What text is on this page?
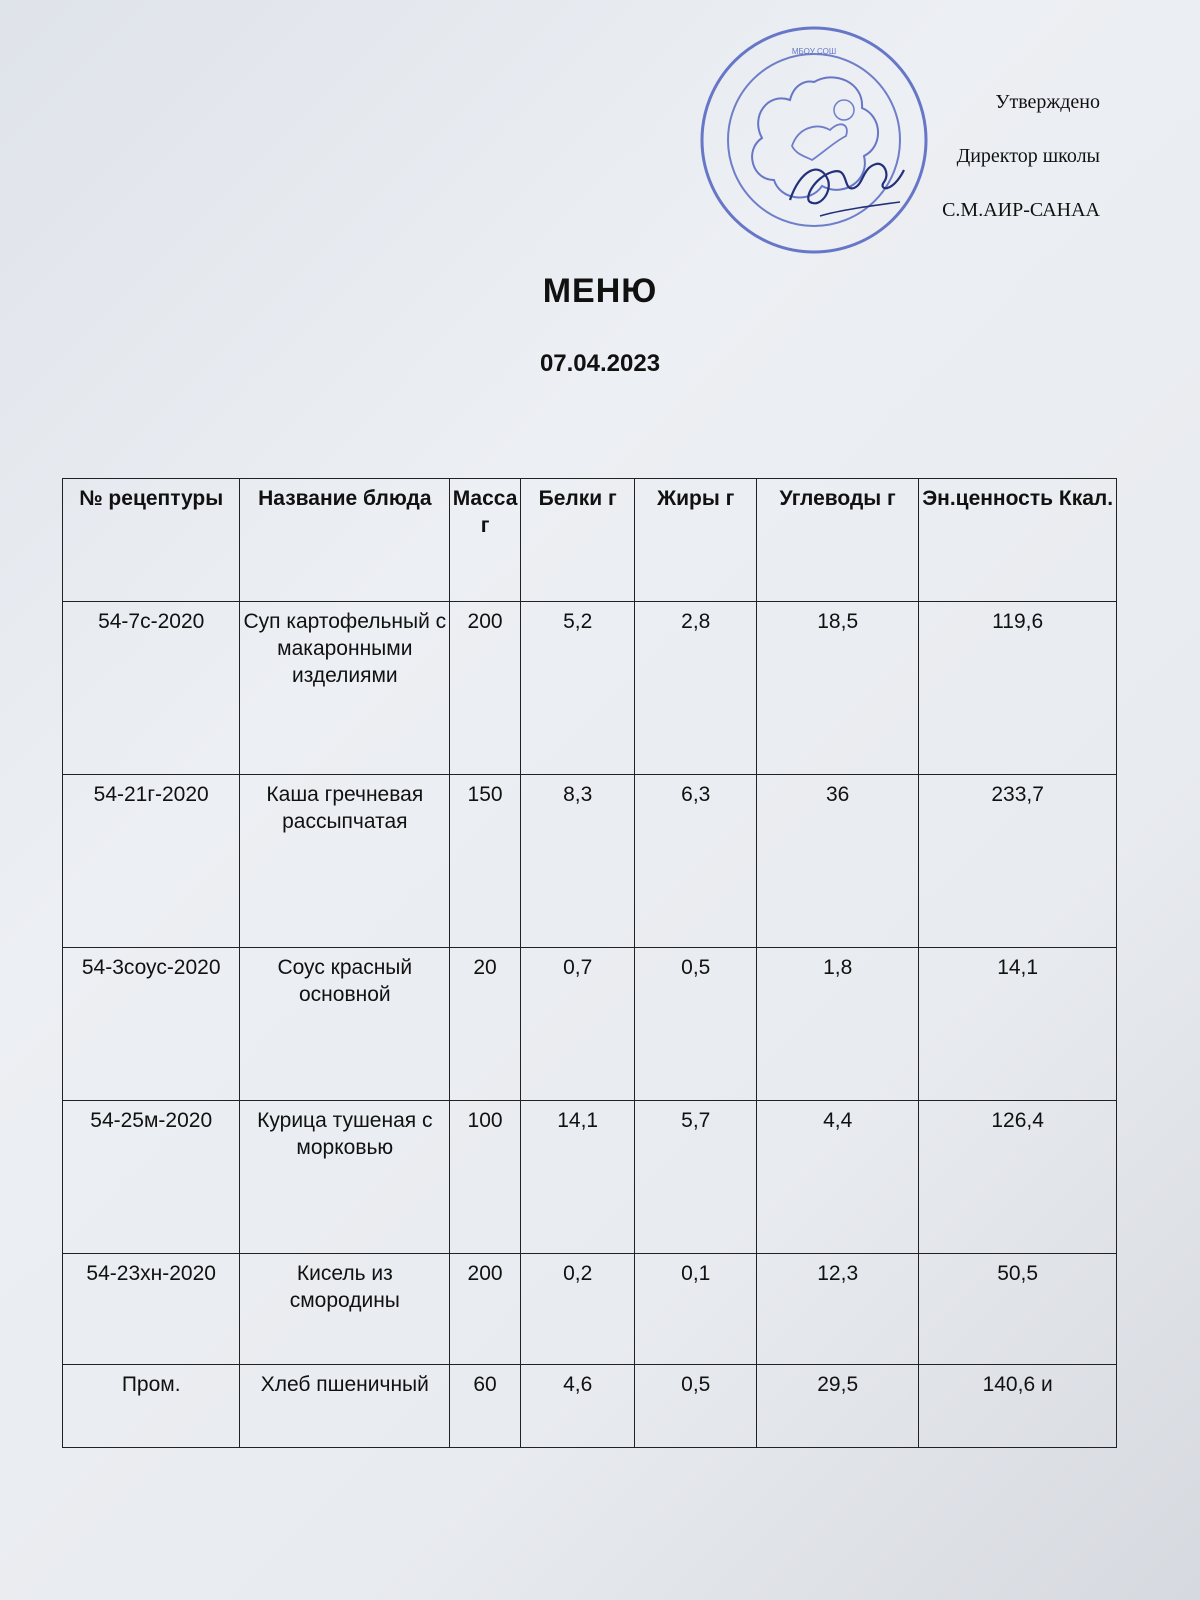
МБОУ СОШ
Утверждено
Директор школы
С.М.АИР-САНАА
МЕНЮ
07.04.2023
№ рецептуры	Название блюда	Масса г	Белки г	Жиры г	Углеводы г	Эн.ценность Ккал.
54-7с-2020	Суп картофельный с макаронными изделиями	200	5,2	2,8	18,5	119,6
54-21г-2020	Каша гречневая рассыпчатая	150	8,3	6,3	36	233,7
54-3соус-2020	Соус красный основной	20	0,7	0,5	1,8	14,1
54-25м-2020	Курица тушеная с морковью	100	14,1	5,7	4,4	126,4
54-23хн-2020	Кисель из смородины	200	0,2	0,1	12,3	50,5
Пром.	Хлеб пшеничный	60	4,6	0,5	29,5	140,6 и
